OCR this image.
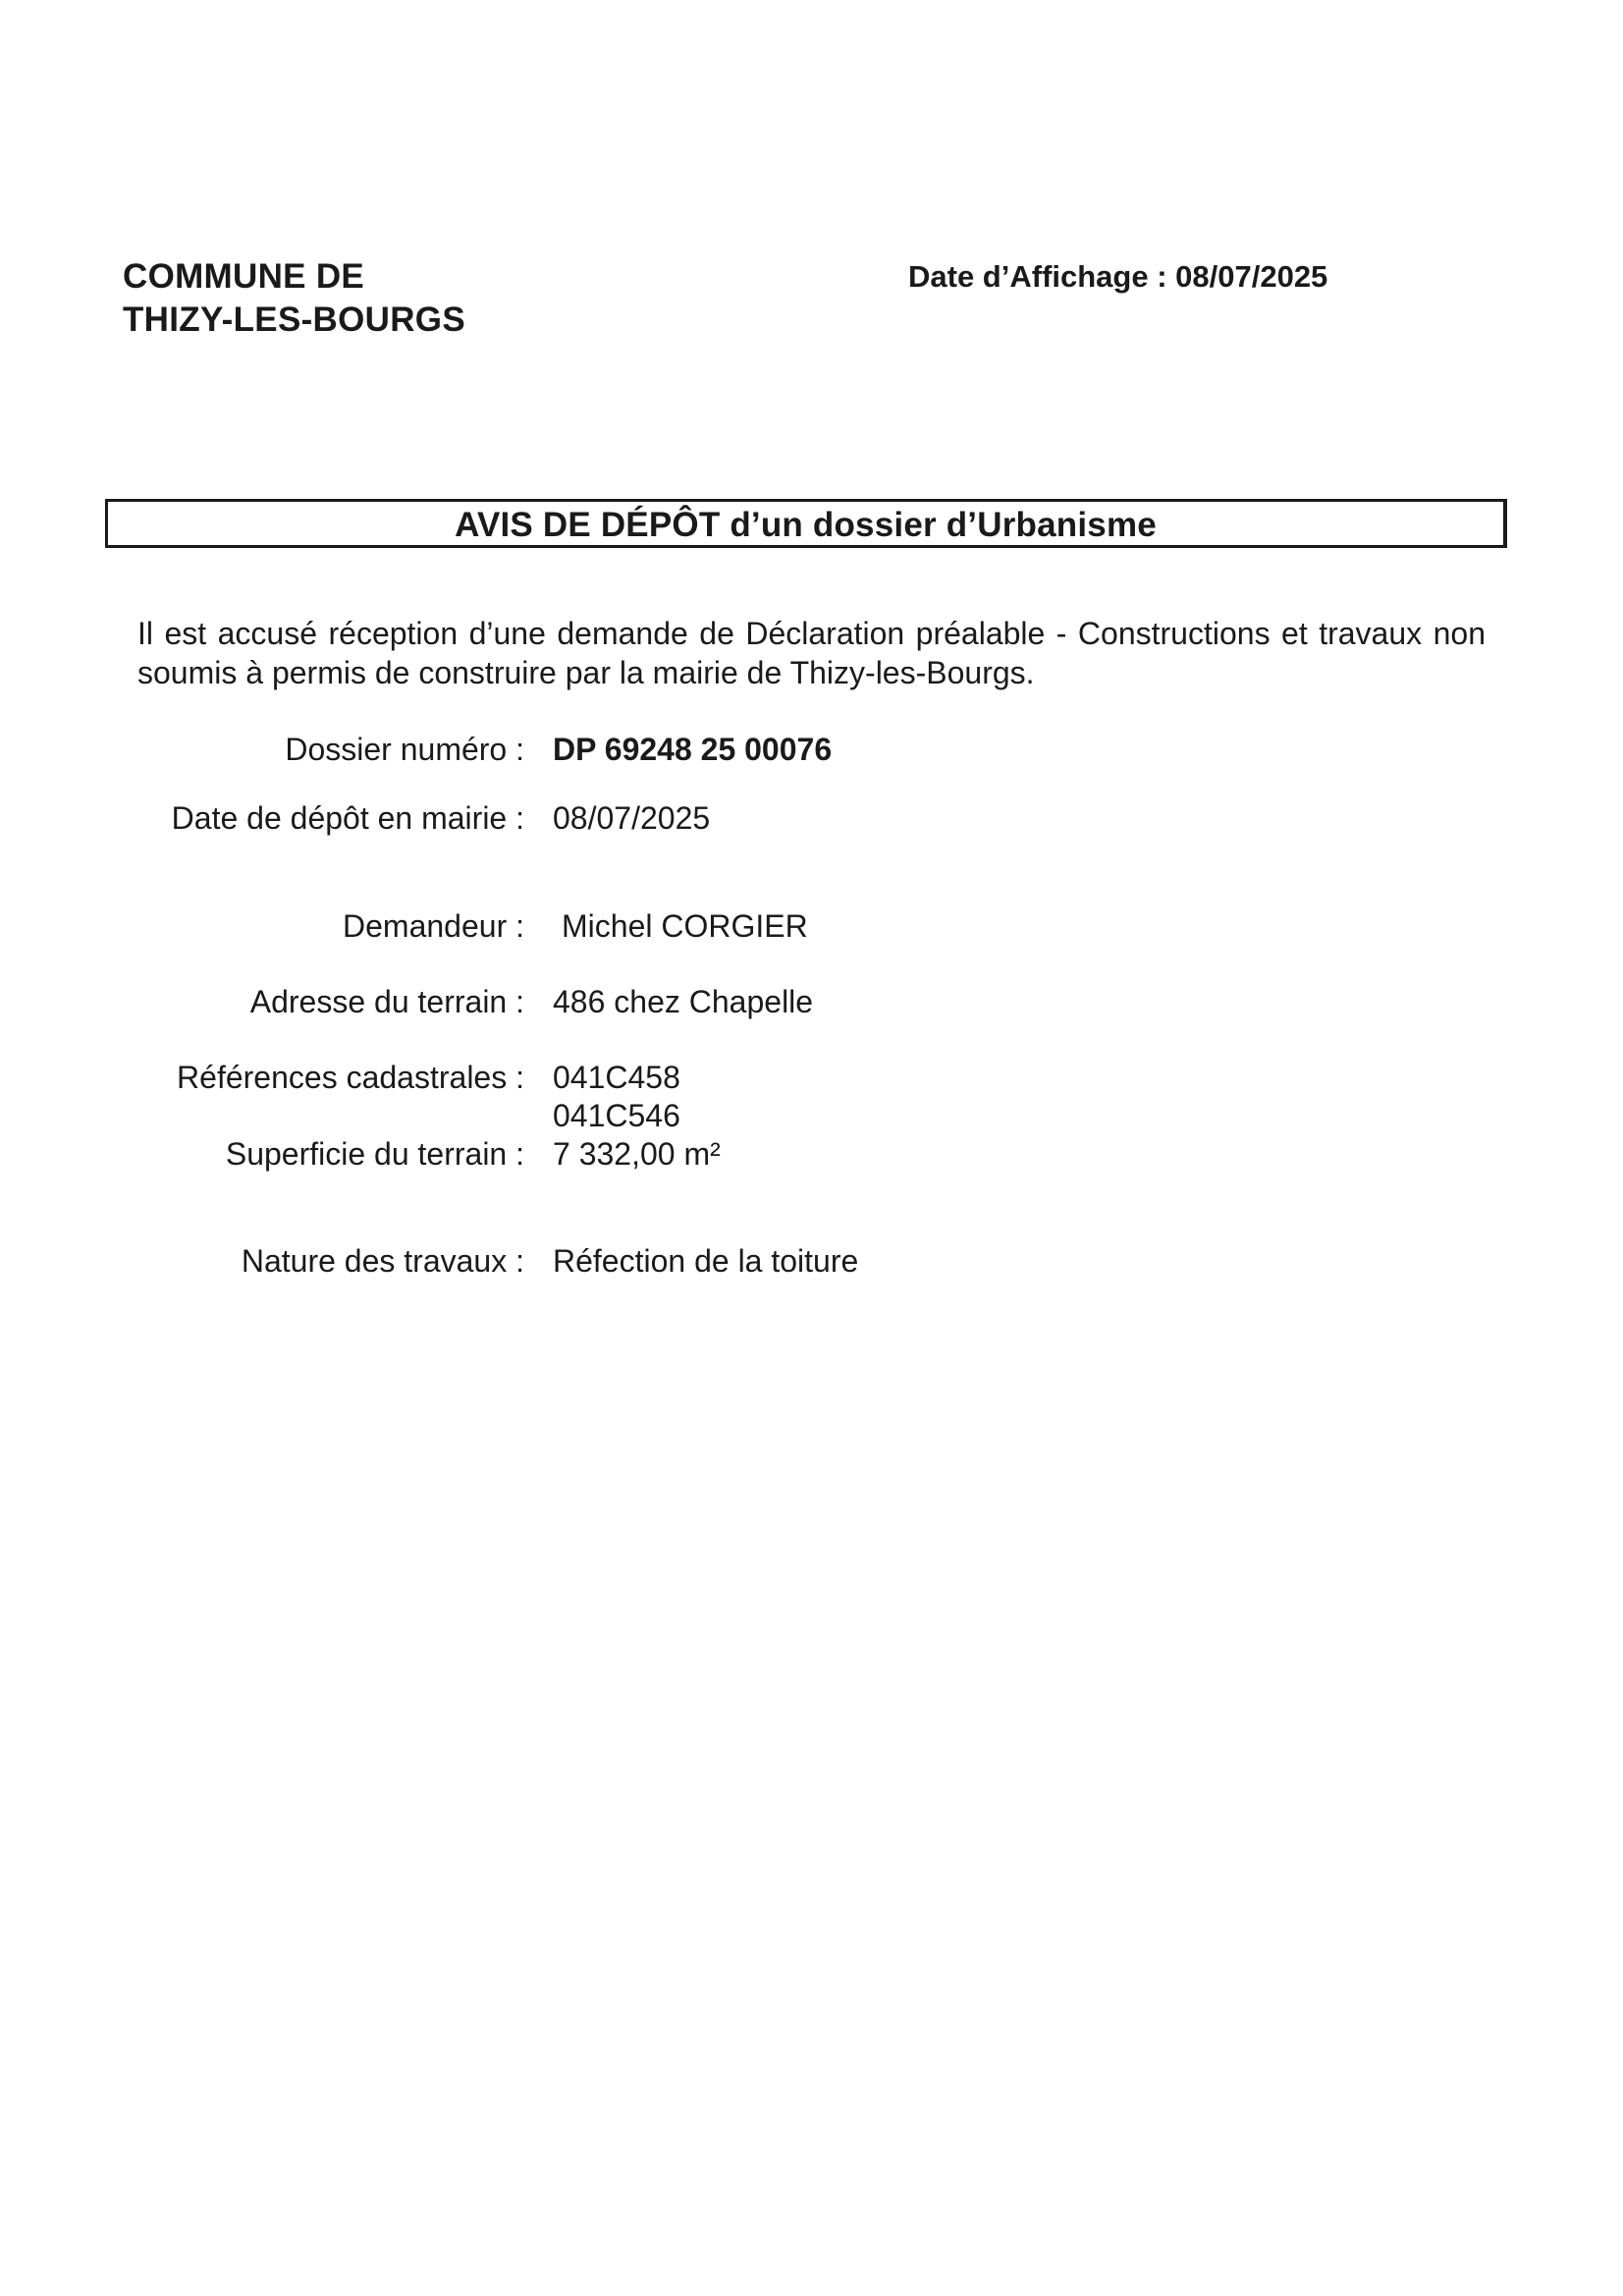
COMMUNE DE
THIZY-LES-BOURGS
Date d’Affichage : 08/07/2025
AVIS DE DÉPÔT d’un dossier d’Urbanisme
Il est accusé réception d’une demande de Déclaration préalable - Constructions et travaux non soumis à permis de construire par la mairie de Thizy-les-Bourgs.
Dossier numéro : DP 69248 25 00076
Date de dépôt en mairie : 08/07/2025
Demandeur : Michel CORGIER
Adresse du terrain : 486 chez Chapelle
Références cadastrales : 041C458
041C546
Superficie du terrain : 7 332,00 m²
Nature des travaux : Réfection de la toiture
